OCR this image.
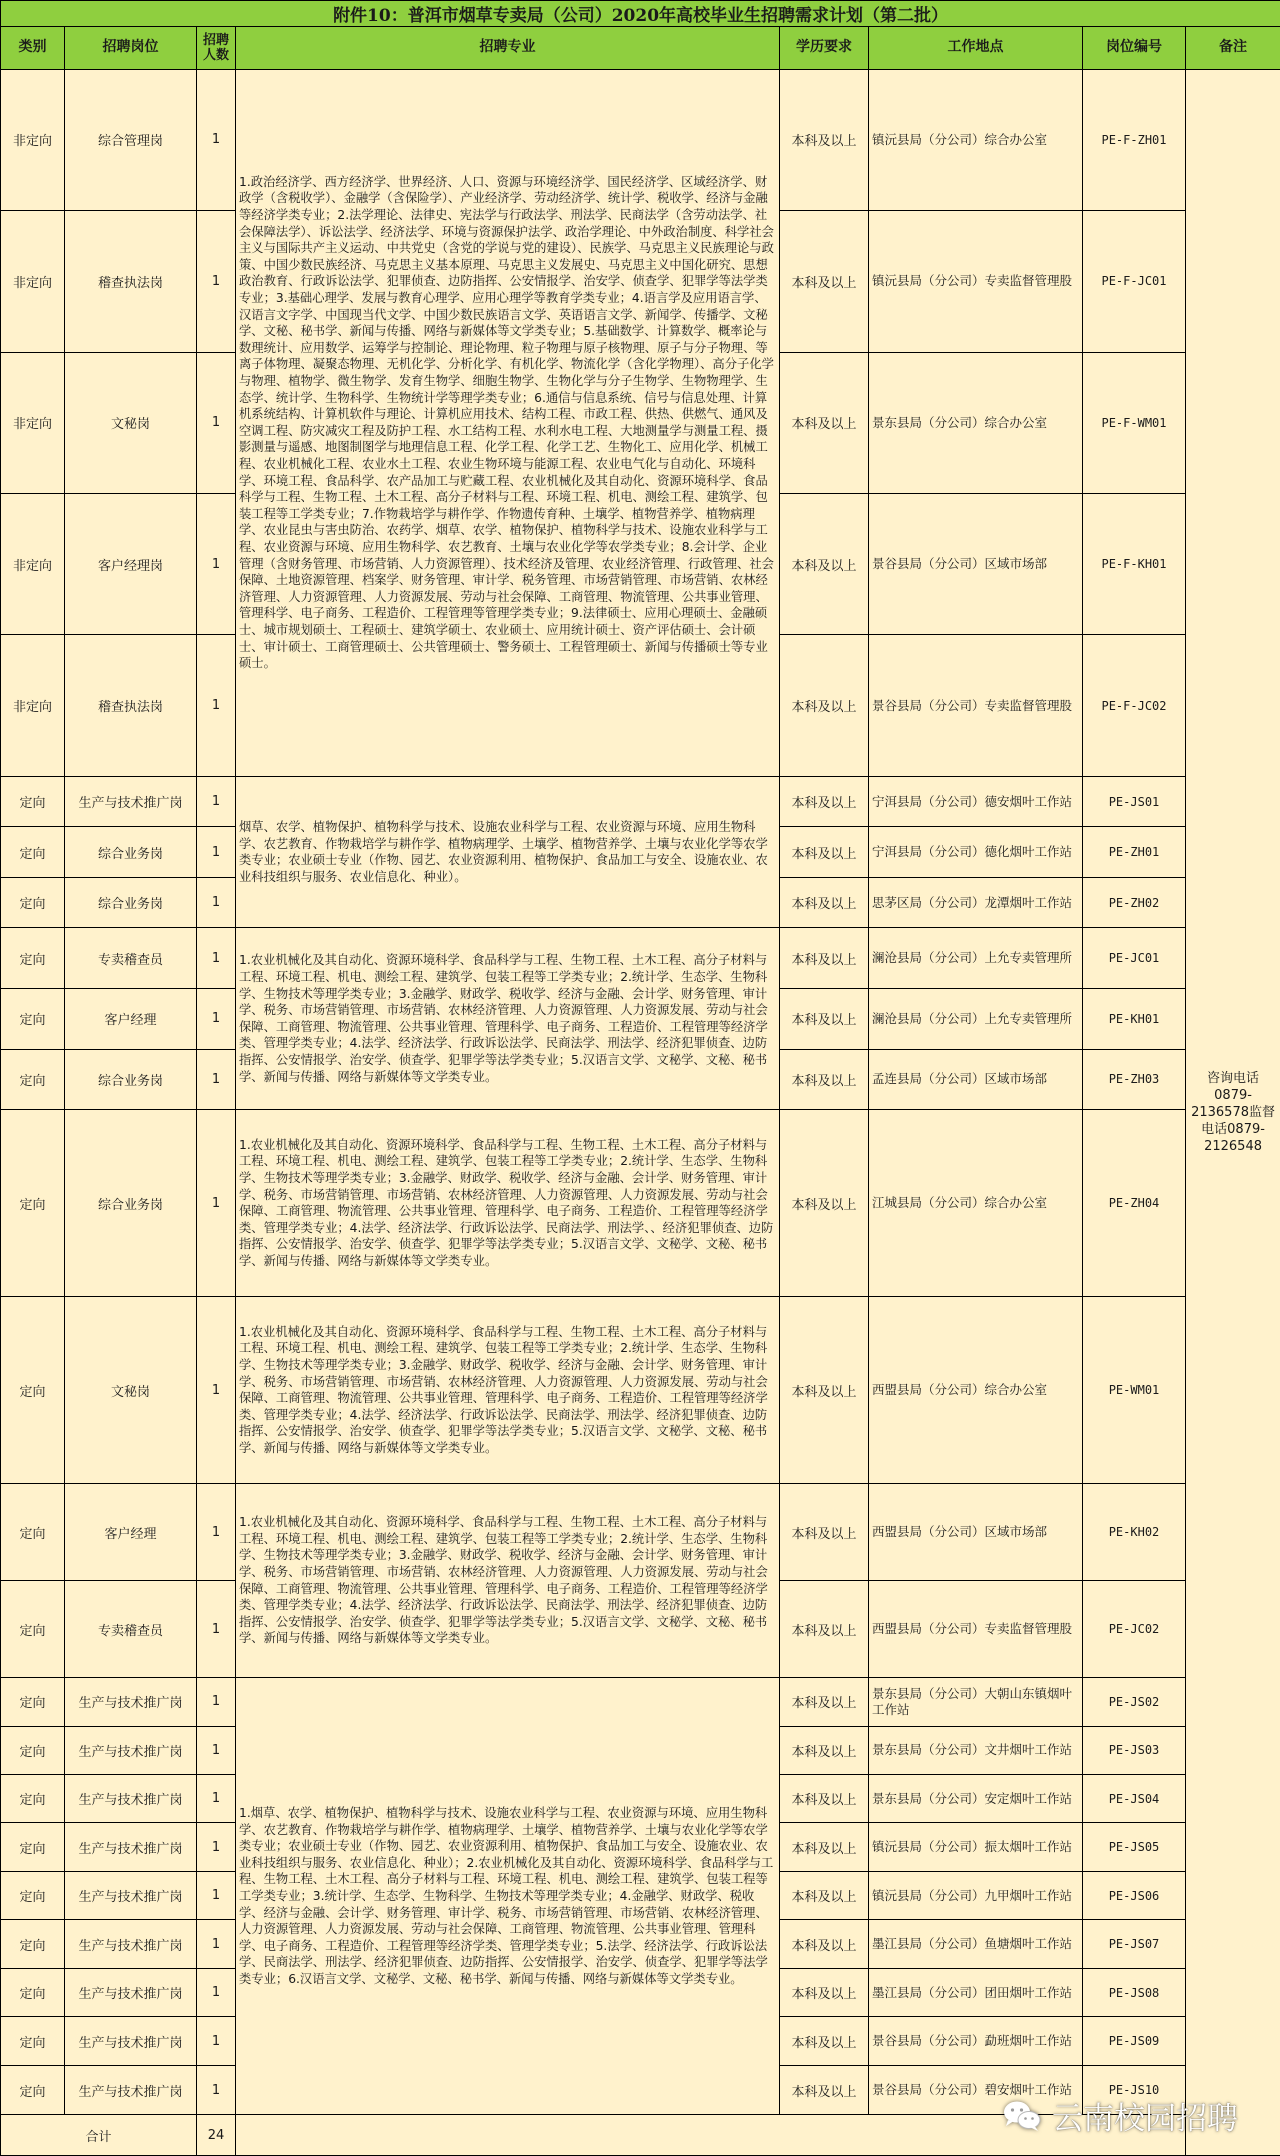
附件10：普洱市烟草专卖局（公司）2020年高校毕业生招聘需求计划（第二批）							
类别	招聘岗位	招聘人数	招聘专业	学历要求	工作地点	岗位编号	备注
非定向	综合管理岗	1	1.政治经济学、西方经济学、世界经济、人口、资源与环境经济学、国民经济学、区域经济学、财政学（含税收学）、金融学（含保险学）、产业经济学、劳动经济学、统计学、税收学、经济与金融等经济学类专业；2.法学理论、法律史、宪法学与行政法学、刑法学、民商法学（含劳动法学、社会保障法学）、诉讼法学、经济法学、环境与资源保护法学、政治学理论、中外政治制度、科学社会主义与国际共产主义运动、中共党史（含党的学说与党的建设）、民族学、马克思主义民族理论与政策、中国少数民族经济、马克思主义基本原理、马克思主义发展史、马克思主义中国化研究、思想政治教育、行政诉讼法学、犯罪侦查、边防指挥、公安情报学、治安学、侦查学、犯罪学等法学类专业；3.基础心理学、发展与教育心理学、应用心理学等教育学类专业；4.语言学及应用语言学、汉语言文字学、中国现当代文学、中国少数民族语言文学、英语语言文学、新闻学、传播学、文秘学、文秘、秘书学、新闻与传播、网络与新媒体等文学类专业；5.基础数学、计算数学、概率论与数理统计、应用数学、运筹学与控制论、理论物理、粒子物理与原子核物理、原子与分子物理、等离子体物理、凝聚态物理、无机化学、分析化学、有机化学、物流化学（含化学物理）、高分子化学与物理、植物学、微生物学、发育生物学、细胞生物学、生物化学与分子生物学、生物物理学、生态学、统计学、生物科学、生物统计学等理学类专业；6.通信与信息系统、信号与信息处理、计算机系统结构、计算机软件与理论、计算机应用技术、结构工程、市政工程、供热、供燃气、通风及空调工程、防灾减灾工程及防护工程、水工结构工程、水利水电工程、大地测量学与测量工程、摄影测量与遥感、地图制图学与地理信息工程、化学工程、化学工艺、生物化工、应用化学、机械工程、农业机械化工程、农业水土工程、农业生物环境与能源工程、农业电气化与自动化、环境科学、环境工程、食品科学、农产品加工与贮藏工程、农业机械化及其自动化、资源环境科学、食品科学与工程、生物工程、土木工程、高分子材料与工程、环境工程、机电、测绘工程、建筑学、包装工程等工学类专业；7.作物栽培学与耕作学、作物遗传育种、土壤学、植物营养学、植物病理学、农业昆虫与害虫防治、农药学、烟草、农学、植物保护、植物科学与技术、设施农业科学与工程、农业资源与环境、应用生物科学、农艺教育、土壤与农业化学等农学类专业；8.会计学、企业管理（含财务管理、市场营销、人力资源管理）、技术经济及管理、农业经济管理、行政管理、社会保障、土地资源管理、档案学、财务管理、审计学、税务管理、市场营销管理、市场营销、农林经济管理、人力资源管理、人力资源发展、劳动与社会保障、工商管理、物流管理、公共事业管理、管理科学、电子商务、工程造价、工程管理等管理学类专业；9.法律硕士、应用心理硕士、金融硕士、城市规划硕士、工程硕士、建筑学硕士、农业硕士、应用统计硕士、资产评估硕士、会计硕士、审计硕士、工商管理硕士、公共管理硕士、警务硕士、工程管理硕士、新闻与传播硕士等专业硕士。	本科及以上	镇沅县局（分公司）综合办公室	PE-F-ZH01	咨询电话0879-2136578监督电话0879-2126548
非定向	稽查执法岗	1		本科及以上	镇沅县局（分公司）专卖监督管理股	PE-F-JC01	
非定向	文秘岗	1		本科及以上	景东县局（分公司）综合办公室	PE-F-WM01	
非定向	客户经理岗	1		本科及以上	景谷县局（分公司）区域市场部	PE-F-KH01	
非定向	稽查执法岗	1		本科及以上	景谷县局（分公司）专卖监督管理股	PE-F-JC02	
定向	生产与技术推广岗	1	烟草、农学、植物保护、植物科学与技术、设施农业科学与工程、农业资源与环境、应用生物科学、农艺教育、作物栽培学与耕作学、植物病理学、土壤学、植物营养学、土壤与农业化学等农学类专业；农业硕士专业（作物、园艺、农业资源利用、植物保护、食品加工与安全、设施农业、农业科技组织与服务、农业信息化、种业）。	本科及以上	宁洱县局（分公司）德安烟叶工作站	PE-JS01	
定向	综合业务岗	1		本科及以上	宁洱县局（分公司）德化烟叶工作站	PE-ZH01	
定向	综合业务岗	1		本科及以上	思茅区局（分公司）龙潭烟叶工作站	PE-ZH02	
定向	专卖稽查员	1	1.农业机械化及其自动化、资源环境科学、食品科学与工程、生物工程、土木工程、高分子材料与工程、环境工程、机电、测绘工程、建筑学、包装工程等工学类专业；2.统计学、生态学、生物科学、生物技术等理学类专业；3.金融学、财政学、税收学、经济与金融、会计学、财务管理、审计学、税务、市场营销管理、市场营销、农林经济管理、人力资源管理、人力资源发展、劳动与社会保障、工商管理、物流管理、公共事业管理、管理科学、电子商务、工程造价、工程管理等经济学类、管理学类专业；4.法学、经济法学、行政诉讼法学、民商法学、刑法学、经济犯罪侦查、边防指挥、公安情报学、治安学、侦查学、犯罪学等法学类专业；5.汉语言文学、文秘学、文秘、秘书学、新闻与传播、网络与新媒体等文学类专业。	本科及以上	澜沧县局（分公司）上允专卖管理所	PE-JC01	
定向	客户经理	1		本科及以上	澜沧县局（分公司）上允专卖管理所	PE-KH01	
定向	综合业务岗	1		本科及以上	孟连县局（分公司）区域市场部	PE-ZH03	
定向	综合业务岗	1	1.农业机械化及其自动化、资源环境科学、食品科学与工程、生物工程、土木工程、高分子材料与工程、环境工程、机电、测绘工程、建筑学、包装工程等工学类专业；2.统计学、生态学、生物科学、生物技术等理学类专业；3.金融学、财政学、税收学、经济与金融、会计学、财务管理、审计学、税务、市场营销管理、市场营销、农林经济管理、人力资源管理、人力资源发展、劳动与社会保障、工商管理、物流管理、公共事业管理、管理科学、电子商务、工程造价、工程管理等经济学类、管理学类专业；4.法学、经济法学、行政诉讼法学、民商法学、刑法学、、经济犯罪侦查、边防指挥、公安情报学、治安学、侦查学、犯罪学等法学类专业；5.汉语言文学、文秘学、文秘、秘书学、新闻与传播、网络与新媒体等文学类专业。	本科及以上	江城县局（分公司）综合办公室	PE-ZH04	
定向	文秘岗	1	1.农业机械化及其自动化、资源环境科学、食品科学与工程、生物工程、土木工程、高分子材料与工程、环境工程、机电、测绘工程、建筑学、包装工程等工学类专业；2.统计学、生态学、生物科学、生物技术等理学类专业；3.金融学、财政学、税收学、经济与金融、会计学、财务管理、审计学、税务、市场营销管理、市场营销、农林经济管理、人力资源管理、人力资源发展、劳动与社会保障、工商管理、物流管理、公共事业管理、管理科学、电子商务、工程造价、工程管理等经济学类、管理学类专业；4.法学、经济法学、行政诉讼法学、民商法学、刑法学、经济犯罪侦查、边防指挥、公安情报学、治安学、侦查学、犯罪学等法学类专业；5.汉语言文学、文秘学、文秘、秘书学、新闻与传播、网络与新媒体等文学类专业。	本科及以上	西盟县局（分公司）综合办公室	PE-WM01	
定向	客户经理	1	1.农业机械化及其自动化、资源环境科学、食品科学与工程、生物工程、土木工程、高分子材料与工程、环境工程、机电、测绘工程、建筑学、包装工程等工学类专业；2.统计学、生态学、生物科学、生物技术等理学类专业；3.金融学、财政学、税收学、经济与金融、会计学、财务管理、审计学、税务、市场营销管理、市场营销、农林经济管理、人力资源管理、人力资源发展、劳动与社会保障、工商管理、物流管理、公共事业管理、管理科学、电子商务、工程造价、工程管理等经济学类、管理学类专业；4.法学、经济法学、行政诉讼法学、民商法学、刑法学、经济犯罪侦查、边防指挥、公安情报学、治安学、侦查学、犯罪学等法学类专业；5.汉语言文学、文秘学、文秘、秘书学、新闻与传播、网络与新媒体等文学类专业。	本科及以上	西盟县局（分公司）区域市场部	PE-KH02	
定向	专卖稽查员	1		本科及以上	西盟县局（分公司）专卖监督管理股	PE-JC02	
定向	生产与技术推广岗	1	1.烟草、农学、植物保护、植物科学与技术、设施农业科学与工程、农业资源与环境、应用生物科学、农艺教育、作物栽培学与耕作学、植物病理学、土壤学、植物营养学、土壤与农业化学等农学类专业；农业硕士专业（作物、园艺、农业资源利用、植物保护、食品加工与安全、设施农业、农业科技组织与服务、农业信息化、种业）；2.农业机械化及其自动化、资源环境科学、食品科学与工程、生物工程、土木工程、高分子材料与工程、环境工程、机电、测绘工程、建筑学、包装工程等工学类专业；3.统计学、生态学、生物科学、生物技术等理学类专业；4.金融学、财政学、税收学、经济与金融、会计学、财务管理、审计学、税务、市场营销管理、市场营销、农林经济管理、人力资源管理、人力资源发展、劳动与社会保障、工商管理、物流管理、公共事业管理、管理科学、电子商务、工程造价、工程管理等经济学类、管理学类专业；5.法学、经济法学、行政诉讼法学、民商法学、刑法学、经济犯罪侦查、边防指挥、公安情报学、治安学、侦查学、犯罪学等法学类专业；6.汉语言文学、文秘学、文秘、秘书学、新闻与传播、网络与新媒体等文学类专业。	本科及以上	景东县局（分公司）大朝山东镇烟叶工作站	PE-JS02	
定向	生产与技术推广岗	1		本科及以上	景东县局（分公司）文井烟叶工作站	PE-JS03	
定向	生产与技术推广岗	1		本科及以上	景东县局（分公司）安定烟叶工作站	PE-JS04	
定向	生产与技术推广岗	1		本科及以上	镇沅县局（分公司）振太烟叶工作站	PE-JS05	
定向	生产与技术推广岗	1		本科及以上	镇沅县局（分公司）九甲烟叶工作站	PE-JS06	
定向	生产与技术推广岗	1		本科及以上	墨江县局（分公司）鱼塘烟叶工作站	PE-JS07	
定向	生产与技术推广岗	1		本科及以上	墨江县局（分公司）团田烟叶工作站	PE-JS08	
定向	生产与技术推广岗	1		本科及以上	景谷县局（分公司）勐班烟叶工作站	PE-JS09	
定向	生产与技术推广岗	1		本科及以上	景谷县局（分公司）碧安烟叶工作站	PE-JS10	
合计		24						云南校园招聘
